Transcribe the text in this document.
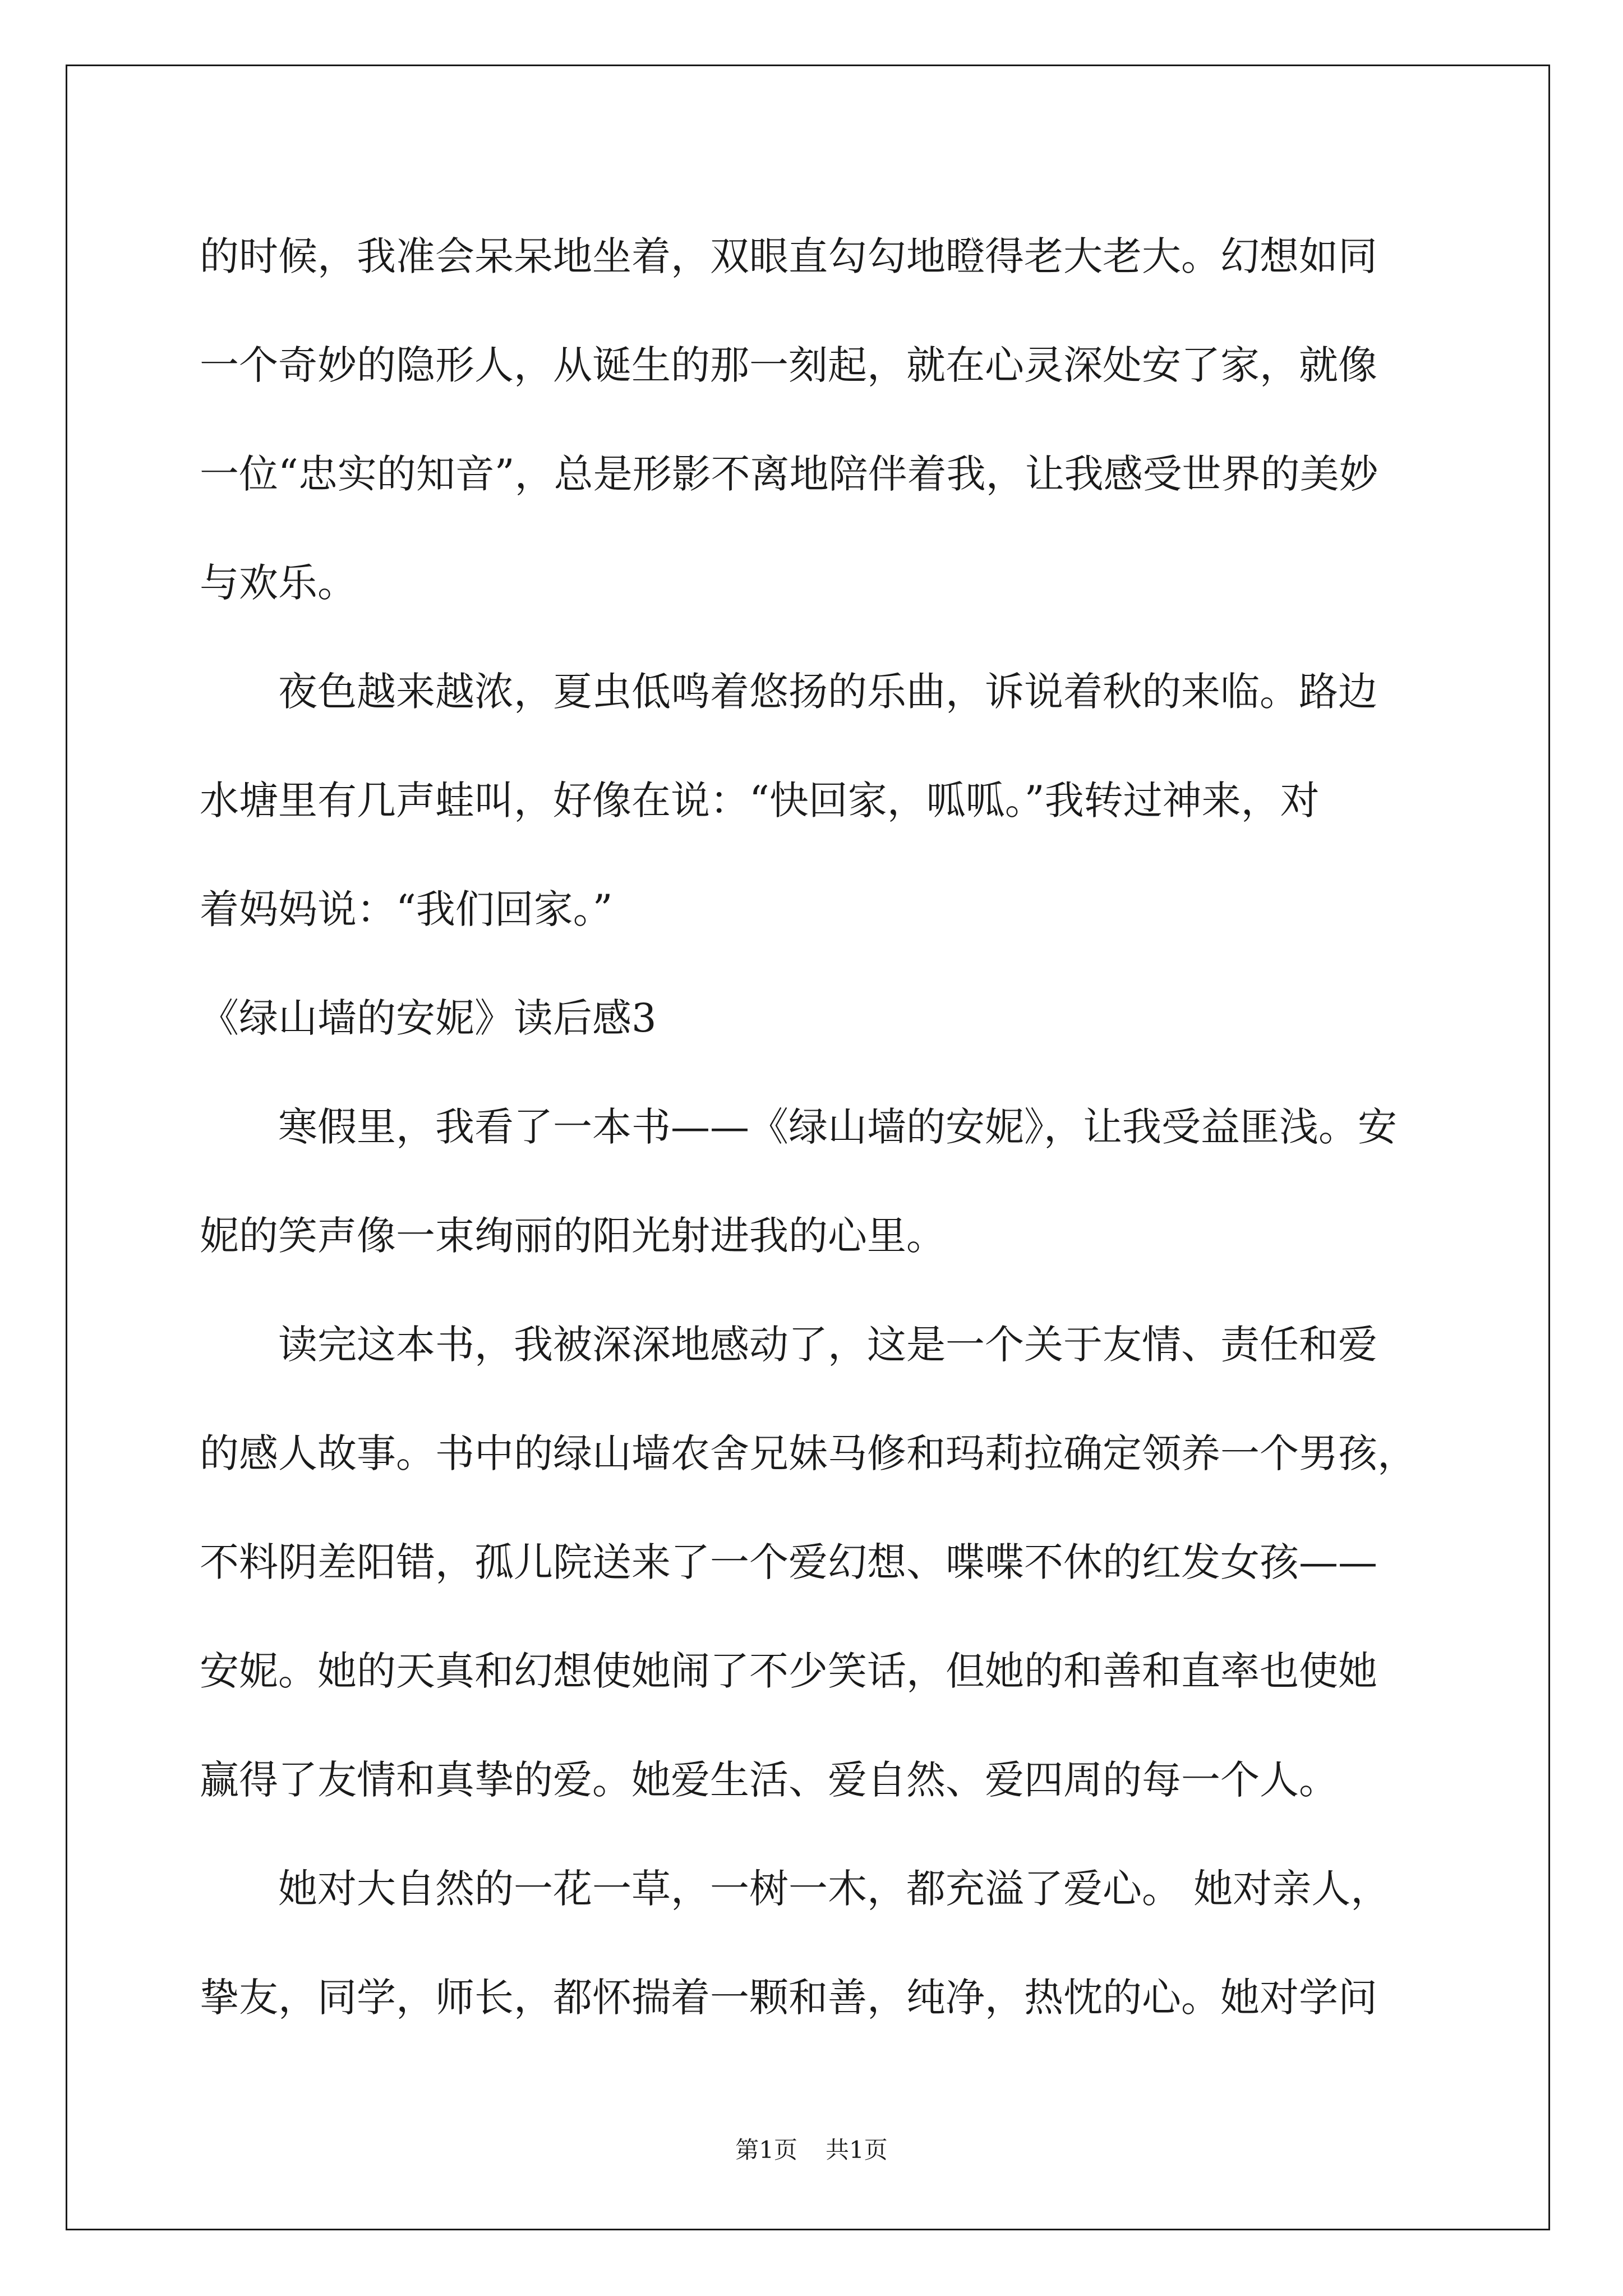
的时候，我准会呆呆地坐着，双眼直勾勾地瞪得老大老大。幻想如同
一个奇妙的隐形人，从诞生的那一刻起，就在心灵深处安了家，就像
一位“忠实的知音”，总是形影不离地陪伴着我，让我感受世界的美妙
与欢乐。
　　夜色越来越浓，夏虫低鸣着悠扬的乐曲，诉说着秋的来临。路边
水塘里有几声蛙叫，好像在说：“快回家，呱呱。”我转过神来，对
着妈妈说：“我们回家。”
《绿山墙的安妮》读后感3
　　寒假里，我看了一本书——《绿山墙的安妮》，让我受益匪浅。安
妮的笑声像一束绚丽的阳光射进我的心里。
　　读完这本书，我被深深地感动了，这是一个关于友情、责任和爱
的感人故事。书中的绿山墙农舍兄妹马修和玛莉拉确定领养一个男孩，
不料阴差阳错，孤儿院送来了一个爱幻想、喋喋不休的红发女孩——
安妮。她的天真和幻想使她闹了不少笑话，但她的和善和直率也使她
赢得了友情和真挚的爱。她爱生活、爱自然、爱四周的每一个人。
　　她对大自然的一花一草，一树一木，都充溢了爱心。 她对亲人，
挚友，同学，师长，都怀揣着一颗和善，纯净，热忱的心。她对学问
第1页 共1页
